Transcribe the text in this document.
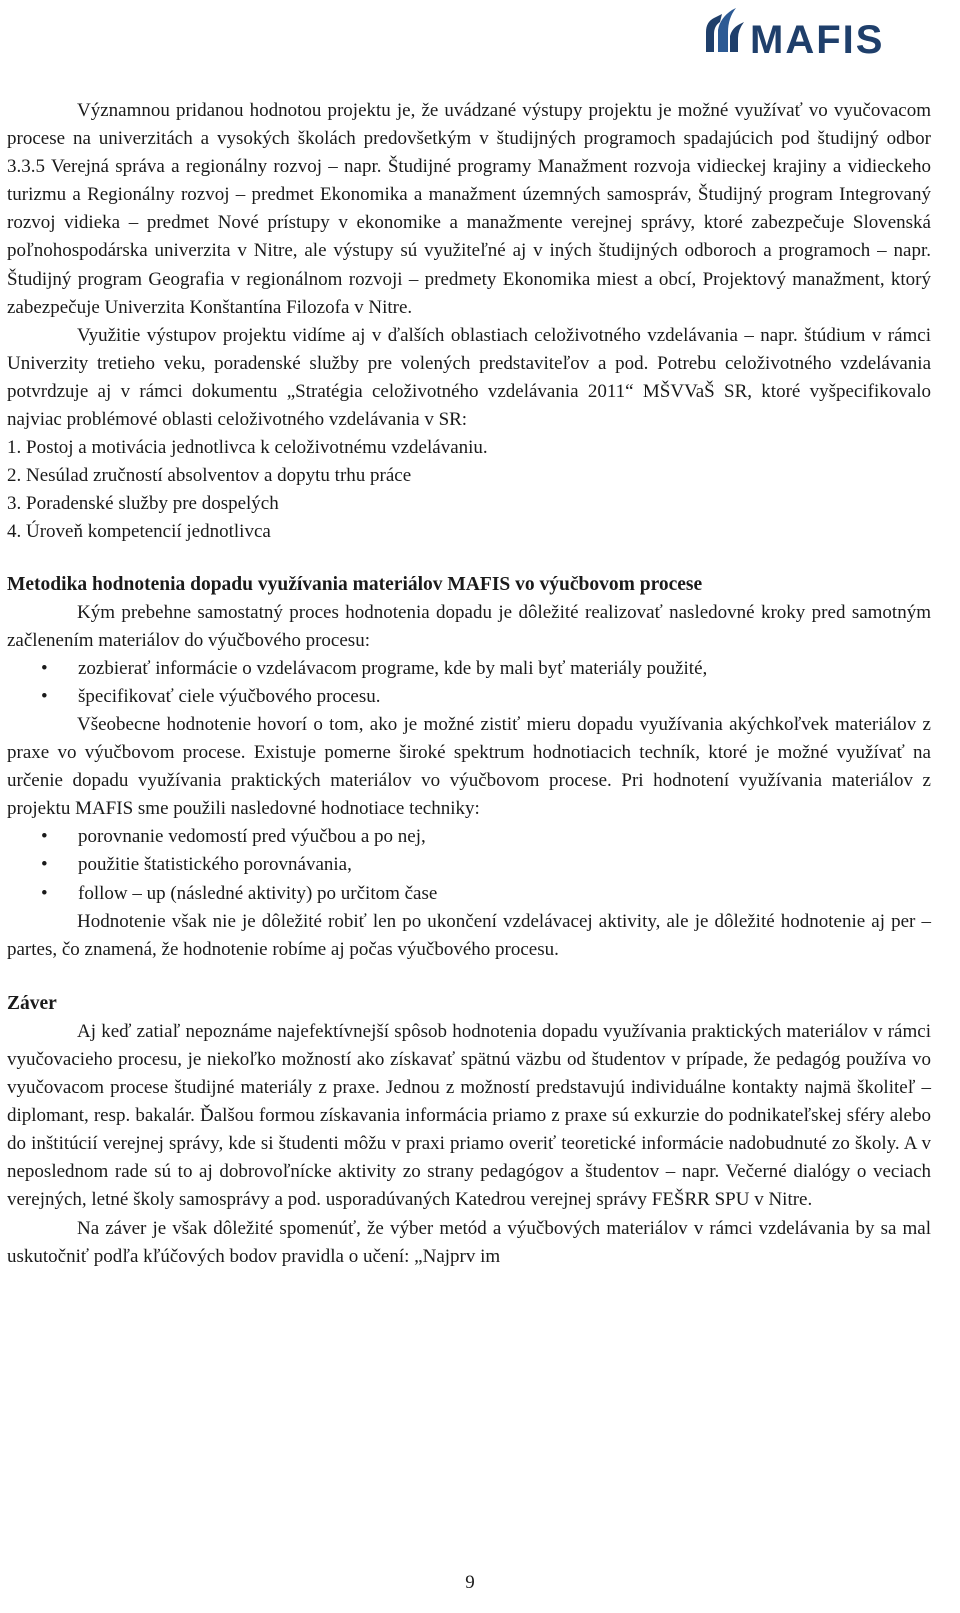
MAFIS

Významnou pridanou hodnotou projektu je, že uvádzané výstupy projektu je možné využívať vo vyučovacom procese na univerzitách a vysokých školách predovšetkým v študijných programoch spadajúcich pod študijný odbor 3.3.5 Verejná správa a regionálny rozvoj – napr. Študijné programy Manažment rozvoja vidieckej krajiny a vidieckeho turizmu a Regionálny rozvoj – predmet Ekonomika a manažment územných samospráv, Študijný program Integrovaný rozvoj vidieka – predmet Nové prístupy v ekonomike a manažmente verejnej správy, ktoré zabezpečuje Slovenská poľnohospodárska univerzita v Nitre, ale výstupy sú využiteľné aj v iných študijných odboroch a programoch – napr. Študijný program Geografia v regionálnom rozvoji – predmety Ekonomika miest a obcí, Projektový manažment, ktorý zabezpečuje Univerzita Konštantína Filozofa v Nitre.

Využitie výstupov projektu vidíme aj v ďalších oblastiach celoživotného vzdelávania – napr. štúdium v rámci Univerzity tretieho veku, poradenské služby pre volených predstaviteľov a pod. Potrebu celoživotného vzdelávania potvrdzuje aj v rámci dokumentu „Stratégia celoživotného vzdelávania 2011“ MŠVVaŠ SR, ktoré vyšpecifikovalo najviac problémové oblasti celoživotného vzdelávania v SR:

1. Postoj a motivácia jednotlivca k celoživotnému vzdelávaniu.

2. Nesúlad zručností absolventov a dopytu trhu práce

3. Poradenské služby pre dospelých

4. Úroveň kompetencií jednotlivca

Metodika hodnotenia dopadu využívania materiálov MAFIS vo výučbovom procese

Kým prebehne samostatný proces hodnotenia dopadu je dôležité realizovať nasledovné kroky pred samotným začlenením materiálov do výučbového procesu:

• zozbierať informácie o vzdelávacom programe, kde by mali byť materiály použité,
• špecifikovať ciele výučbového procesu.

Všeobecne hodnotenie hovorí o tom, ako je možné zistiť mieru dopadu využívania akýchkoľvek materiálov z praxe vo výučbovom procese. Existuje pomerne široké spektrum hodnotiacich techník, ktoré je možné využívať na určenie dopadu využívania praktických materiálov vo výučbovom procese. Pri hodnotení využívania materiálov z projektu MAFIS sme použili nasledovné hodnotiace techniky:

• porovnanie vedomostí pred výučbou a po nej,
• použitie štatistického porovnávania,
• follow – up (následné aktivity) po určitom čase

Hodnotenie však nie je dôležité robiť len po ukončení vzdelávacej aktivity, ale je dôležité hodnotenie aj per – partes, čo znamená, že hodnotenie robíme aj počas výučbového procesu.

Záver

Aj keď zatiaľ nepoznáme najefektívnejší spôsob hodnotenia dopadu využívania praktických materiálov v rámci vyučovacieho procesu, je niekoľko možností ako získavať spätnú väzbu od študentov v prípade, že pedagóg používa vo vyučovacom procese študijné materiály z praxe. Jednou z možností predstavujú individuálne kontakty najmä školiteľ – diplomant, resp. bakalár. Ďalšou formou získavania informácia priamo z praxe sú exkurzie do podnikateľskej sféry alebo do inštitúcií verejnej správy, kde si študenti môžu v praxi priamo overiť teoretické informácie nadobudnuté zo školy. A v neposlednom rade sú to aj dobrovoľnícke aktivity zo strany pedagógov a študentov – napr. Večerné dialógy o veciach verejných, letné školy samosprávy a pod. usporadúvaných Katedrou verejnej správy FEŠRR SPU v Nitre.

Na záver je však dôležité spomenúť, že výber metód a výučbových materiálov v rámci vzdelávania by sa mal uskutočniť podľa kľúčových bodov pravidla o učení: „Najprv im

9
